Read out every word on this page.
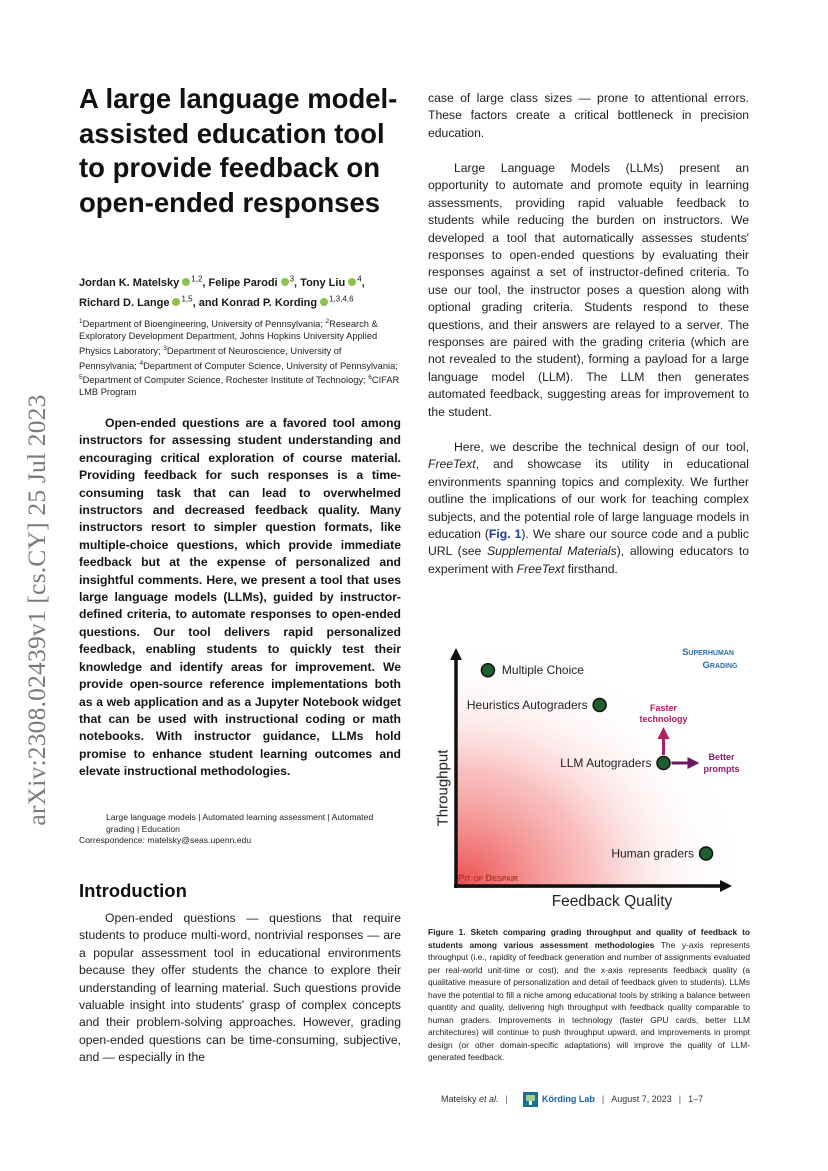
arXiv:2308.02439v1 [cs.CY] 25 Jul 2023
A large language model-assisted education tool to provide feedback on open-ended responses
Jordan K. Matelsky $^{1,2}$, Felipe Parodi $^3$, Tony Liu $^4$, Richard D. Lange $^{1,5}$, and Konrad P. Kording $^{1,3,4,6}$
$^1$Department of Bioengineering, University of Pennsylvania; $^2$Research & Exploratory Development Department, Johns Hopkins University Applied Physics Laboratory; $^3$Department of Neuroscience, University of Pennsylvania; $^4$Department of Computer Science, University of Pennsylvania; $^5$Department of Computer Science, Rochester Institute of Technology; $^6$CIFAR LMB Program

Open-ended questions are a favored tool among instructors for assessing student understanding and encouraging critical exploration of course material. Providing feedback for such responses is a time-consuming task that can lead to overwhelmed instructors and decreased feedback quality. Many instructors resort to simpler question formats, like multiple-choice questions, which provide immediate feedback but at the expense of personalized and insightful comments. Here, we present a tool that uses large language models (LLMs), guided by instructor-defined criteria, to automate responses to open-ended questions. Our tool delivers rapid personalized feedback, enabling students to quickly test their knowledge and identify areas for improvement. We provide open-source reference implementations both as a web application and as a Jupyter Notebook widget that can be used with instructional coding or math notebooks. With instructor guidance, LLMs hold promise to enhance student learning outcomes and elevate instructional methodologies.

Large language models | Automated learning assessment | Automated grading | Education
Correspondence: matelsky@seas.upenn.edu
Introduction

Open-ended questions — questions that require students to produce multi-word, nontrivial responses — are a popular assessment tool in educational environments because they offer students the chance to explore their understanding of learning material. Such questions provide valuable insight into students' grasp of complex concepts and their problem-solving approaches. However, grading open-ended questions can be time-consuming, subjective, and — especially in the

case of large class sizes — prone to attentional errors. These factors create a critical bottleneck in precision education.

Large Language Models (LLMs) present an opportunity to automate and promote equity in learning assessments, providing rapid valuable feedback to students while reducing the burden on instructors. We developed a tool that automatically assesses students' responses to open-ended questions by evaluating their responses against a set of instructor-defined criteria. To use our tool, the instructor poses a question along with optional grading criteria. Students respond to these questions, and their answers are relayed to a server. The responses are paired with the grading criteria (which are not revealed to the student), forming a payload for a large language model (LLM). The LLM then generates automated feedback, suggesting areas for improvement to the student.

Here, we describe the technical design of our tool, FreeText, and showcase its utility in educational environments spanning topics and complexity. We further outline the implications of our work for teaching complex subjects, and the potential role of large language models in education (Fig. 1). We share our source code and a public URL (see Supplemental Materials), allowing educators to experiment with FreeText firsthand.

Throughput
Feedback Quality
Superhuman
Grading
Pit of Despair
Multiple Choice
Heuristics Autograders
LLM Autograders
Human graders
Faster
technology
Better
prompts

Figure 1. Sketch comparing grading throughput and quality of feedback to students among various assessment methodologies The y-axis represents throughput (i.e., rapidity of feedback generation and number of assignments evaluated per real-world unit-time or cost), and the x-axis represents feedback quality (a qualitative measure of personalization and detail of feedback given to students). LLMs have the potential to fill a niche among educational tools by striking a balance between quantity and quality, delivering high throughput with feedback quality comparable to human graders. Improvements in technology (faster GPU cards, better LLM architectures) will continue to push throughput upward, and improvements in prompt design (or other domain-specific adaptations) will improve the quality of LLM-generated feedback.

Matelsky et al. |	Körding Lab | August 7, 2023 | 1–7
